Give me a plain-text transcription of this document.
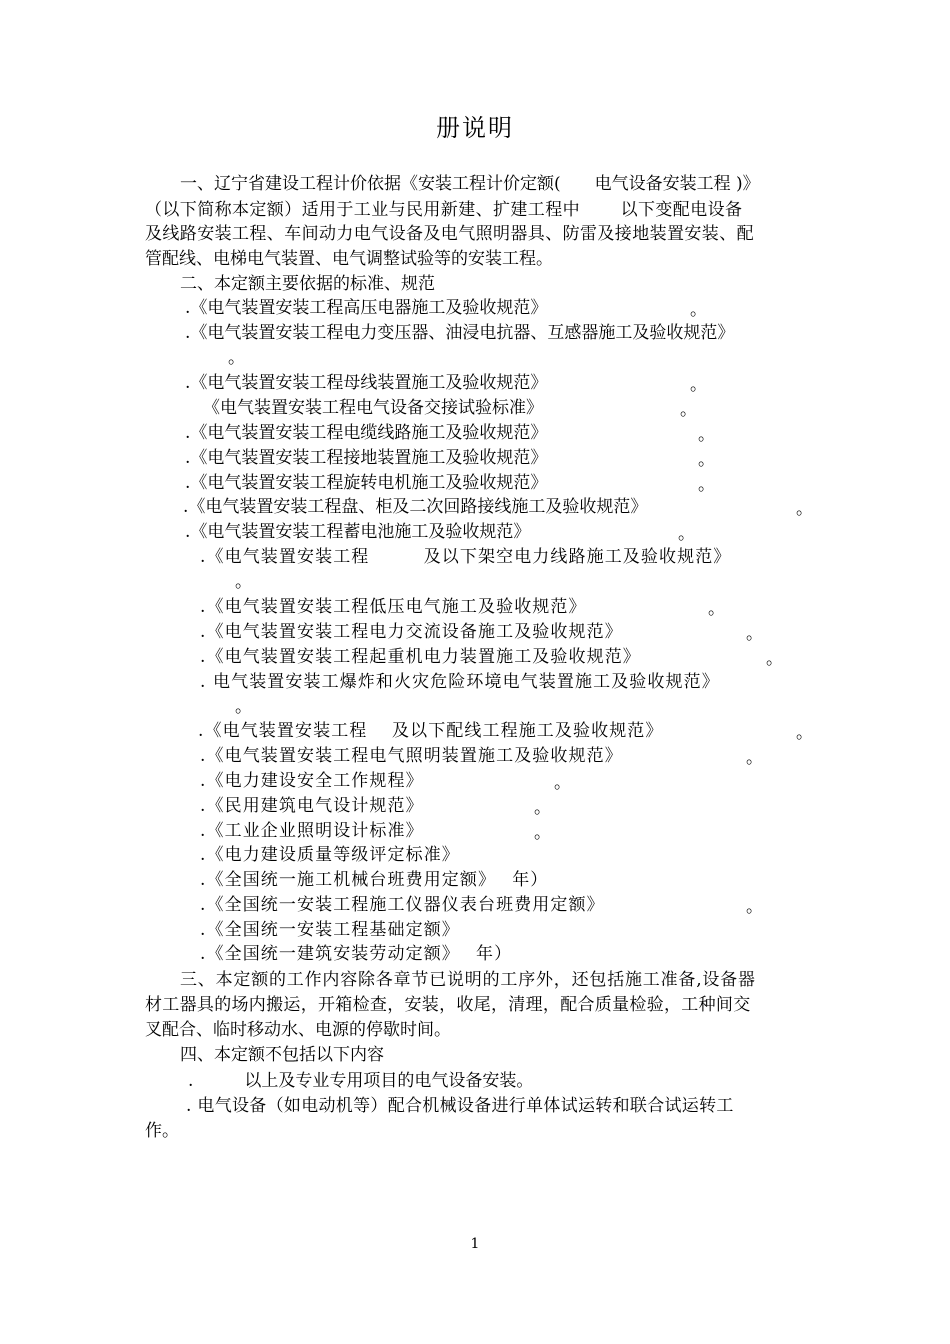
册说明
一、辽宁省建设工程计价依据《安装工程计价定额(　　电气设备安装工程 )》
（以下简称本定额）适用于工业与民用新建、扩建工程中　　 以下变配电设备
及线路安装工程、车间动力电气设备及电气照明器具、防雷及接地装置安装、配
管配线、电梯电气装置、电气调整试验等的安装工程。
二、本定额主要依据的标准、规范
.《电气装置安装工程高压电器施工及验收规范》	。
.《电气装置安装工程电力变压器、油浸电抗器、互感器施工及验收规范》
。
.《电气装置安装工程母线装置施工及验收规范》	。
《电气装置安装工程电气设备交接试验标准》	。
.《电气装置安装工程电缆线路施工及验收规范》	。
.《电气装置安装工程接地装置施工及验收规范》	。
.《电气装置安装工程旋转电机施工及验收规范》	。
.《电气装置安装工程盘、柜及二次回路接线施工及验收规范》	。
.《电气装置安装工程蓄电池施工及验收规范》	。
.《电气装置安装工程　　　及以下架空电力线路施工及验收规范》
。
.《电气装置安装工程低压电气施工及验收规范》	。
.《电气装置安装工程电力交流设备施工及验收规范》	。
.《电气装置安装工程起重机电力装置施工及验收规范》	。
. 电气装置安装工爆炸和火灾危险环境电气装置施工及验收规范》
。
.《电气装置安装工程　 及以下配线工程施工及验收规范》	。
.《电气装置安装工程电气照明装置施工及验收规范》	。
.《电力建设安全工作规程》	。
.《民用建筑电气设计规范》	。
.《工业企业照明设计标准》	。
.《电力建设质量等级评定标准》
.《全国统一施工机械台班费用定额》　 年）
.《全国统一安装工程施工仪器仪表台班费用定额》	。
.《全国统一安装工程基础定额》
.《全国统一建筑安装劳动定额》　 年）
三、本定额的工作内容除各章节已说明的工序外，还包括施工准备,设备器
材工器具的场内搬运，开箱检查，安装，收尾，清理，配合质量检验，工种间交
叉配合、临时移动水、电源的停歇时间。
四、本定额不包括以下内容
.　　　以上及专业专用项目的电气设备安装。
. 电气设备（如电动机等）配合机械设备进行单体试运转和联合试运转工
作。
1
